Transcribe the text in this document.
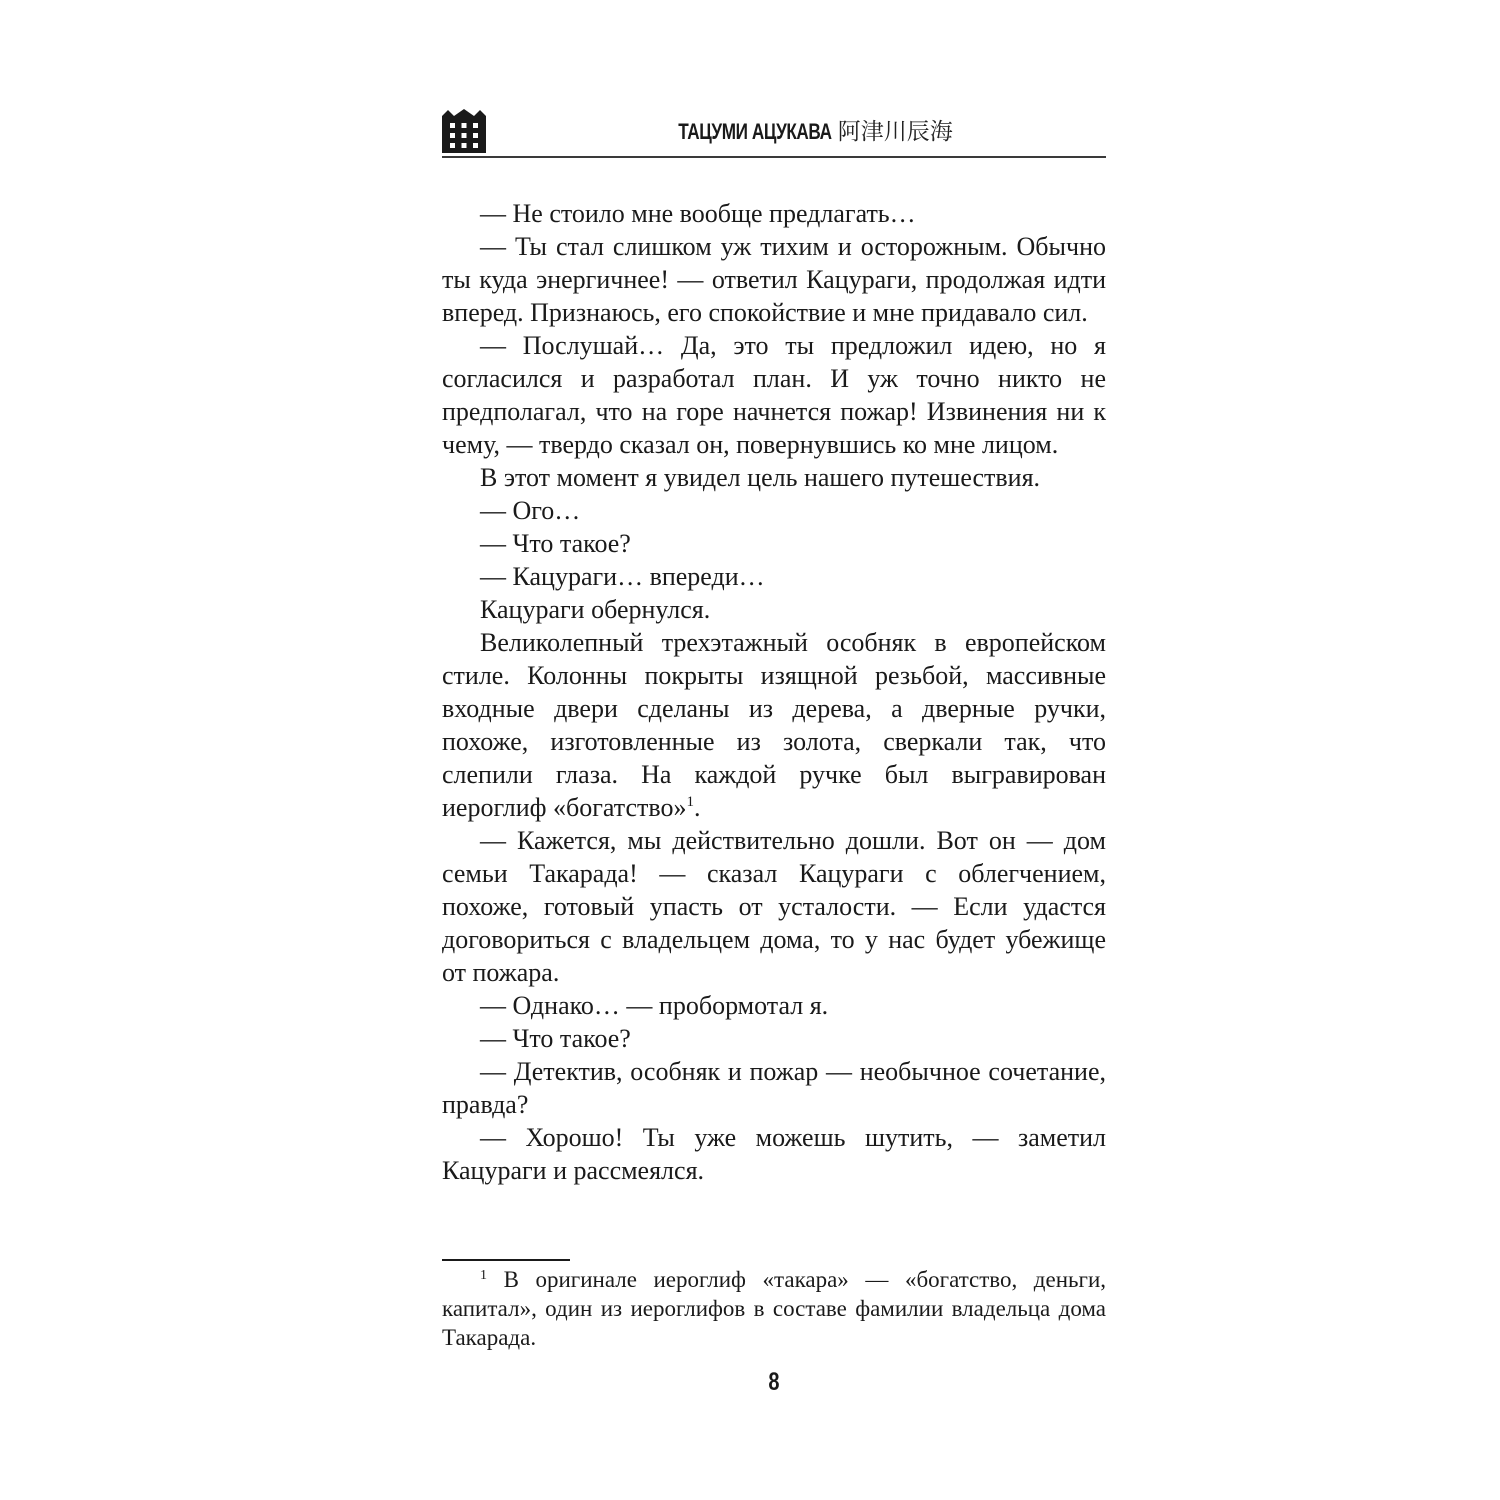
ТАЦУМИ АЦУКАВА 阿津川辰海

— Не стоило мне вообще предлагать…

— Ты стал слишком уж тихим и осторожным. Обычно ты куда энергичнее! — ответил Кацураги, продолжая идти вперед. Признаюсь, его спокойствие и мне придавало сил.

— Послушай… Да, это ты предложил идею, но я согласился и разработал план. И уж точно никто не предполагал, что на горе начнется пожар! Извинения ни к чему, — твердо сказал он, повернувшись ко мне лицом.

В этот момент я увидел цель нашего путешествия.

— Ого…

— Что такое?

— Кацураги… впереди…

Кацураги обернулся.

Великолепный трехэтажный особняк в европейском стиле. Колонны покрыты изящной резьбой, массивные входные двери сделаны из дерева, а дверные ручки, похоже, изготовленные из золота, сверкали так, что слепили глаза. На каждой ручке был выгравирован иероглиф «богатство»$^1$.

— Кажется, мы действительно дошли. Вот он — дом семьи Такарада! — сказал Кацураги с облегчением, похоже, готовый упасть от усталости. — Если удастся договориться с владельцем дома, то у нас будет убежище от пожара.

— Однако… — пробормотал я.

— Что такое?

— Детектив, особняк и пожар — необычное сочетание, правда?

— Хорошо! Ты уже можешь шутить, — заметил Кацураги и рассмеялся.

$^1$ В оригинале иероглиф «такара» — «богатство, деньги, капитал», один из иероглифов в составе фамилии владельца дома Такарада.

8
